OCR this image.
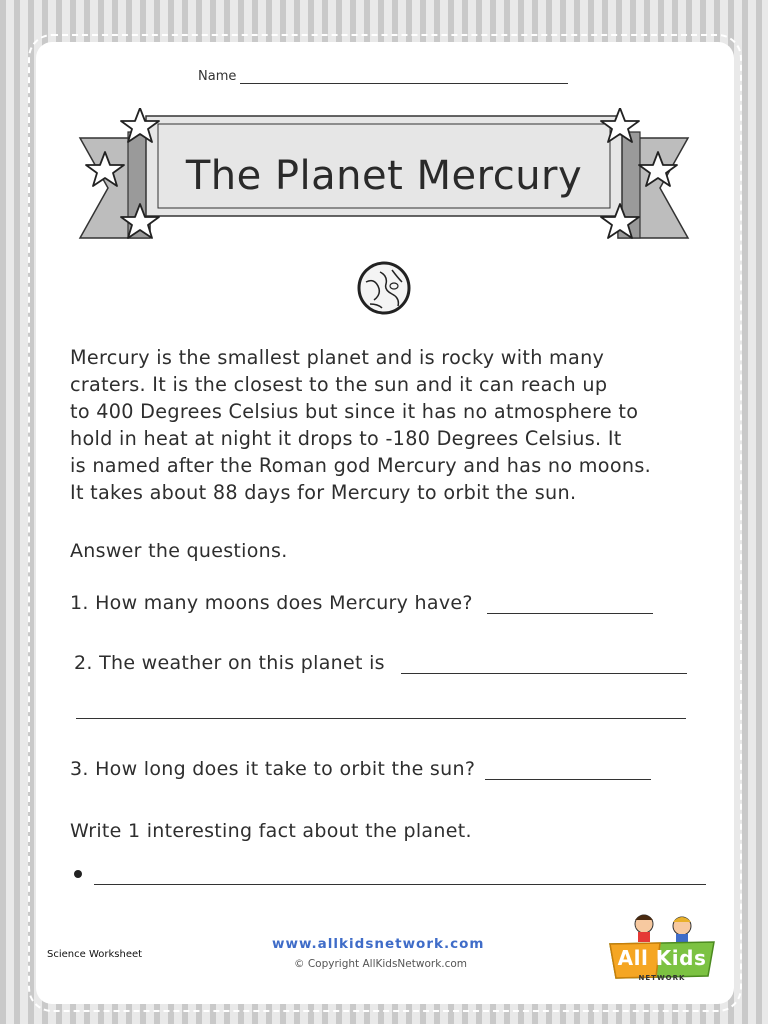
Name
The Planet Mercury
Mercury is the smallest planet and is rocky with many
craters. It is the closest to the sun and it can reach up
to 400 Degrees Celsius but since it has no atmosphere to
hold in heat at night it drops to -180 Degrees Celsius. It
is named after the Roman god Mercury and has no moons.
It takes about 88 days for Mercury to orbit the sun.
Answer the questions.
1. How many moons does Mercury have?
2. The weather on this planet is
3. How long does it take to orbit the sun?
Write 1 interesting fact about the planet.
Science Worksheet
www.allkidsnetwork.com
© Copyright AllKidsNetwork.com	All Kids
NETWORK
